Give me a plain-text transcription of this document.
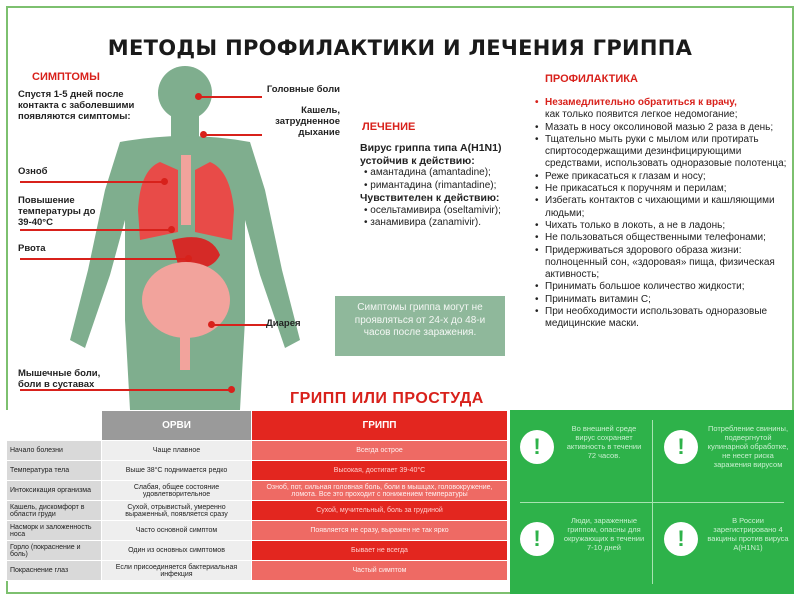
МЕТОДЫ ПРОФИЛАКТИКИ И ЛЕЧЕНИЯ ГРИППА
СИМПТОМЫ
Спустя 1-5 дней после контакта с заболевшими появляются симптомы:
Озноб
Повышение температуры до 39-40°С
Рвота
Мышечные боли, боли в суставах
Головные боли
Кашель, затрудненное дыхание
Диарея
ЛЕЧЕНИЕ
Вирус гриппа типа A(H1N1) устойчив к действию:
• амантадина (amantadine);
• римантадина (rimantadine);
Чувствителен к действию:
• осельтамивира (oseltamivir);
• занамивира (zanamivir).
Симптомы гриппа могут не проявляться от 24-х до 48-и часов после заражения.
ПРОФИЛАКТИКА
• Незамедлительно обратиться к врачу,
как только появится легкое недомогание;
• Мазать в носу оксолиновой мазью 2 раза в день;
• Тщательно мыть руки с мылом или протирать спиртосодержащими дезинфицирующими средствами, использовать одноразовые полотенца;
• Реже прикасаться к глазам и носу;
• Не прикасаться к поручням и перилам;
• Избегать контактов с чихающими и кашляющими людьми;
• Чихать только в локоть, а не в ладонь;
• Не пользоваться общественными телефонами;
• Придерживаться здорового образа жизни: полноценный сон, «здоровая» пища, физическая активность;
• Принимать большое количество жидкости;
• Принимать витамин С;
• При необходимости использовать одноразовые медицинские маски.
ГРИПП ИЛИ ПРОСТУДА
	ОРВИ	ГРИПП
Начало болезни	Чаще плавное	Всегда острое
Температура тела	Выше 38°С поднимается редко	Высокая, достигает 39-40°С
Интоксикация организма	Слабая, общее состояние удовлетворительное	Озноб, пот, сильная головная боль, боли в мышцах, головокружение, ломота. Все это проходит с понижением температуры
Кашель, дискомфорт в области груди	Сухой, отрывистый, умеренно выраженный, появляется сразу	Сухой, мучительный, боль за грудиной
Насморк и заложенность носа	Часто основной симптом	Появляется не сразу, выражен не так ярко
Горло (покраснение и боль)	Один из основных симптомов	Бывает не всегда
Покраснение глаз	Если присоединяется бактериальная инфекция	Частый симптом
!
Во внешней среде вирус сохраняет активность в течении 72 часов.	!
Потребление свинины, подвергнутой кулинарной обработке, не несет риска заражения вирусом
!
Люди, зараженные гриппом, опасны для окружающих в течении 7-10 дней	!
В России зарегистрировано 4 вакцины против вируса A(H1N1)
